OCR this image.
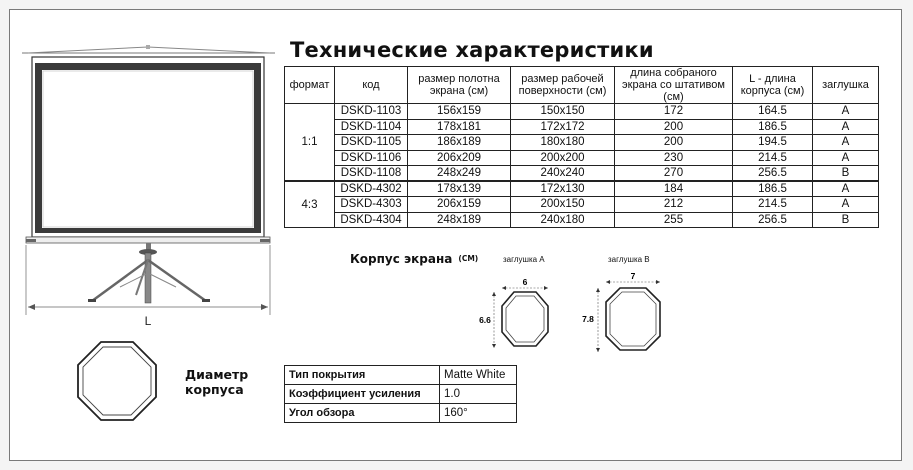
L
Технические характеристики
формат	код	размер полотна экрана (см)	размер рабочей поверхности (см)	длина собраного экрана со штативом (см)	L - длина корпуса (см)	заглушка
1:1	DSKD-1103	156x159	150x150	172	164.5	A
	DSKD-1104	178x181	172x172	200	186.5	A
	DSKD-1105	186x189	180x180	200	194.5	A
	DSKD-1106	206x209	200x200	230	214.5	A
	DSKD-1108	248x249	240x240	270	256.5	B
4:3	DSKD-4302	178x139	172x130	184	186.5	A
	DSKD-4303	206x159	200x150	212	214.5	A
	DSKD-4304	248x189	240x180	255	256.5	B
Корпус экрана (СМ)	заглушка A	заглушка B
6
6.6
7
7.8
Диаметр корпуса
Тип покрытия	Matte White
Коэффициент усиления	1.0
Угол обзора	160°
